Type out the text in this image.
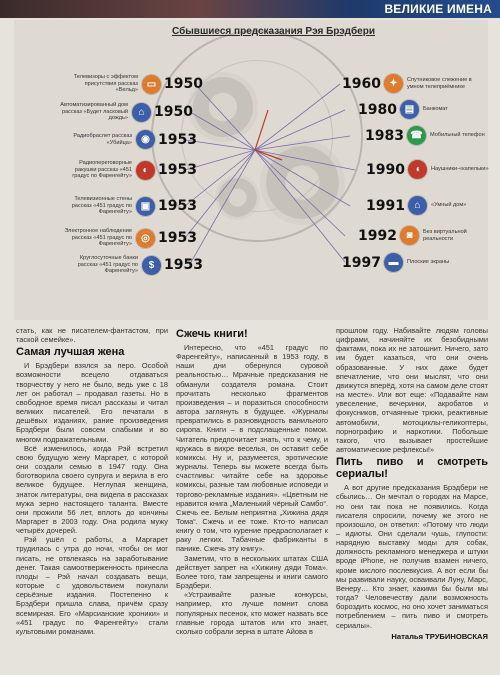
ВЕЛИКИЕ ИМЕНА
Сбывшиеся предсказания Рэя Брэдбери
Телевизоры с эффектом присутствия рассказ «Вельд»
▭ 1950
Автоматизированный дом рассказ «Будет ласковый дождь»
⌂ 1950
Радиобраслет рассказ «Убийца» ◉ 1953
Радиопереговорные ракушки рассказ «451 градус по Фаренгейту»
◐ 1953
Телевизионные стены рассказ «451 градус по Фаренгейту»
▣ 1953
Электронное наблюдение рассказ «451 градус по Фаренгейту»
◎ 1953
Круглосуточные банки рассказ «451 градус по Фаренгейту»
$ 1953
1960 ✦	Спутниковое слежение в умном телеприёмнике
1980 ▤	Банкомат
1983 ☎	Мобильный телефон
1990 ◖	Наушники-«капельки»
1991 ⌂	«Умный дом»
1992 ◙	Без виртуальной реальности
1997 ▬	Плоские экраны

стать, как не писателем-фантастом, при таской семейке».

Самая лучшая жена

И Брэдбери взялся за перо. Особой возможности всецело отдаваться творчеству у него не было, ведь уже с 18 лет он работал – продавал газеты. Но в свободное время писал рассказы и читал великих писателей. Его печатали в дешёвых изданиях, рание произведения Брэдбери были совсем слабыми и во многом подражательными.

Всё изменилось, когда Рэй встретил свою будущую жену Маргарет, с которой они создали семью в 1947 году. Она боготворила своего супруга и верила в его великое будущее. Неглупая женщина, знаток литературы, она видела в рассказах мужа зерно настоящего таланта. Вместе они прожили 56 лет, вплоть до кончины Маргарет в 2003 году. Она родила мужу четырёх дочерей.

Рэй ушёл с работы, а Маргарет трудилась с утра до ночи, чтобы он мог писать, не отвлекаясь на заработывание денег. Такая самоотверженность принесла плоды – Рэй начал создавать вещи, которые с удовольствием покупали серьёзные издания. Постепенно к Брэдбери пришла слава, причём сразу всемирная. Его «Марсианские хроники» и «451 градус по Фаренгейту» стали культовыми романами.

Сжечь книги!

Интересно, что «451 градус по Фаренгейту», написанный в 1953 году, в наши дни обернулся суровой реальностью… Мрачные предсказания не обманули создателя романа. Стоит прочитать несколько фрагментов произведения – и поразиться способности автора заглянуть в будущее. «Журналы превратились в разновидность ванильного сиропа. Книги – в подслащенные помои. Читатель предпочитает знать, что к чему, и кружась в вихре веселья, он оставит себе комиксы. Ну и, разумеется, эротические журналы. Теперь вы можете всегда быть счастливы: читайте себе на здоровье комиксы, разные там любовные исповеди и торгово-рекламные издания». «Цветным не нравится книга „Маленький чёрный Самбо“. Сжечь ее. Белым неприятна „Хижина дядя Тома“. Сжечь и ее тоже. Кто-то написал книгу о том, что курение предрасполагает к раку легких. Табачные фабриканты в панике. Сжечь эту книгу».

Заметим, что в нескольких штатах США действует запрет на «Хижину дяди Тома». Более того, там запрещены и книги самого Брэдбери.

«Устраивайте разные конкурсы, например, кто лучше помнит слова популярных песенок, кто может назвать все главные города штатов или кто знает, сколько собрали зерна в штате Айова в

прошлом году. Набивайте людям головы цифрами, начиняйте их безобидными фактами, пока их не затошнит. Ничего, зато им будет казаться, что они очень образованные. У них даже будет впечатление, что они мыслят, что они движутся вперёд, хотя на самом деле стоят на месте». Или вот еще: «Подавайте нам увеселение, вечеринки, акробатов и фокусников, отчаянные трюки, реактивные автомобили, мотоциклы-геликоптеры, порнографию и наркотики. Побольше такого, что вызывает простейшие автоматические рефлексы!»

Пить пиво и смотреть сериалы!

А вот другие предсказания Брэдбери не сбылись… Он мечтал о городах на Марсе, но они так пока не появились. Когда писателя спросили, почему же этого не произошло, он ответил: «Потому что люди – идиоты. Они сделали чушь, глупости: нарядную выставку моды для собак, должность рекламного менеджера и штуки вроде iPhone, не получив взамен ничего, кроме кислого послевкусия. А вот если бы мы развивали науку, осваивали Луну, Марс, Венеру… Кто знает, какими бы были мы тогда? Человечеству дали возможность бороздить космос, но оно хочет заниматься потреблением – пить пиво и смотреть сериалы».

Наталья ТРУБИНОВСКАЯ
